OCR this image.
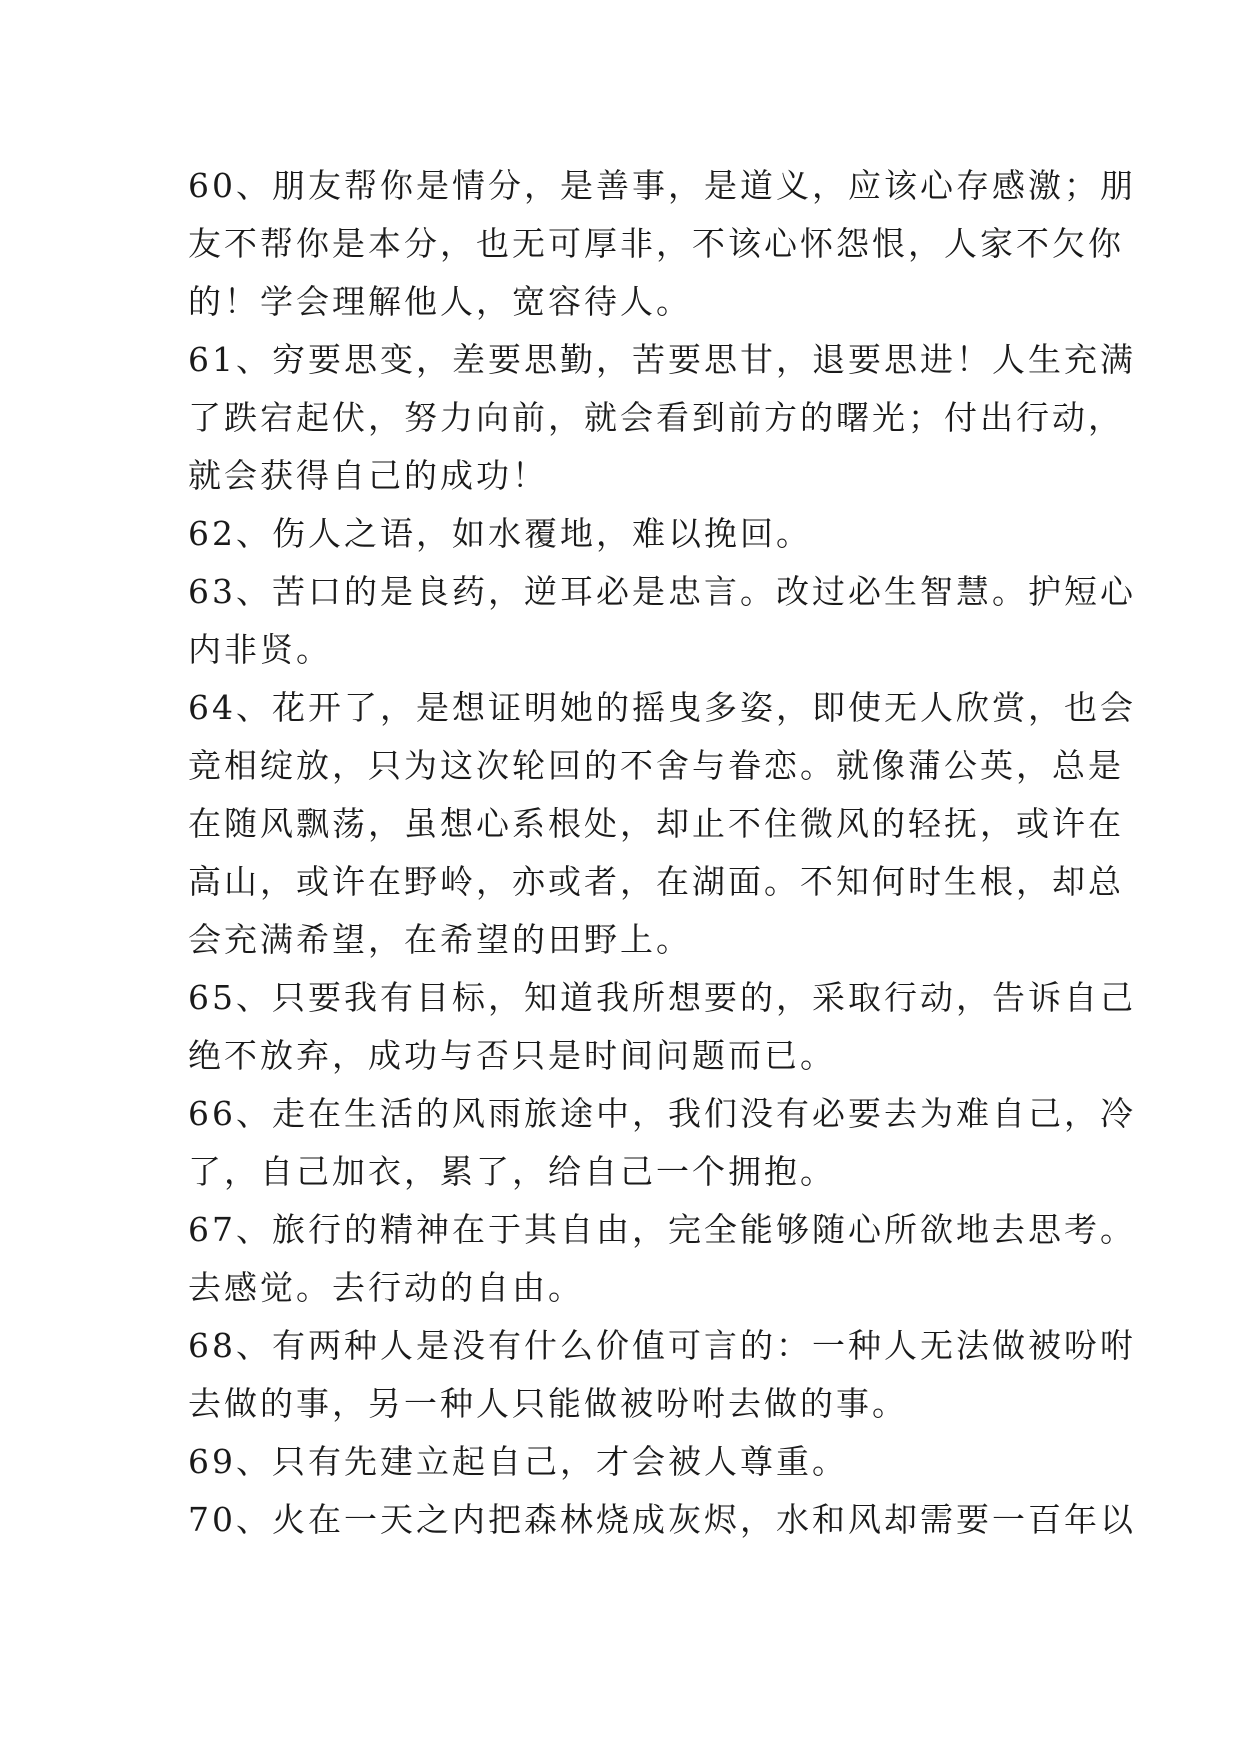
60、朋友帮你是情分，是善事，是道义，应该心存感激；朋
友不帮你是本分，也无可厚非，不该心怀怨恨，人家不欠你
的！学会理解他人，宽容待人。
61、穷要思变，差要思勤，苦要思甘，退要思进！人生充满
了跌宕起伏，努力向前，就会看到前方的曙光；付出行动，
就会获得自己的成功！
62、伤人之语，如水覆地，难以挽回。
63、苦口的是良药，逆耳必是忠言。改过必生智慧。护短心
内非贤。
64、花开了，是想证明她的摇曳多姿，即使无人欣赏，也会
竞相绽放，只为这次轮回的不舍与眷恋。就像蒲公英，总是
在随风飘荡，虽想心系根处，却止不住微风的轻抚，或许在
高山，或许在野岭，亦或者，在湖面。不知何时生根，却总
会充满希望，在希望的田野上。
65、只要我有目标，知道我所想要的，采取行动，告诉自己
绝不放弃，成功与否只是时间问题而已。
66、走在生活的风雨旅途中，我们没有必要去为难自己，冷
了，自己加衣，累了，给自己一个拥抱。
67、旅行的精神在于其自由，完全能够随心所欲地去思考。
去感觉。去行动的自由。
68、有两种人是没有什么价值可言的：一种人无法做被吩咐
去做的事，另一种人只能做被吩咐去做的事。
69、只有先建立起自己，才会被人尊重。
70、火在一天之内把森林烧成灰烬，水和风却需要一百年以
